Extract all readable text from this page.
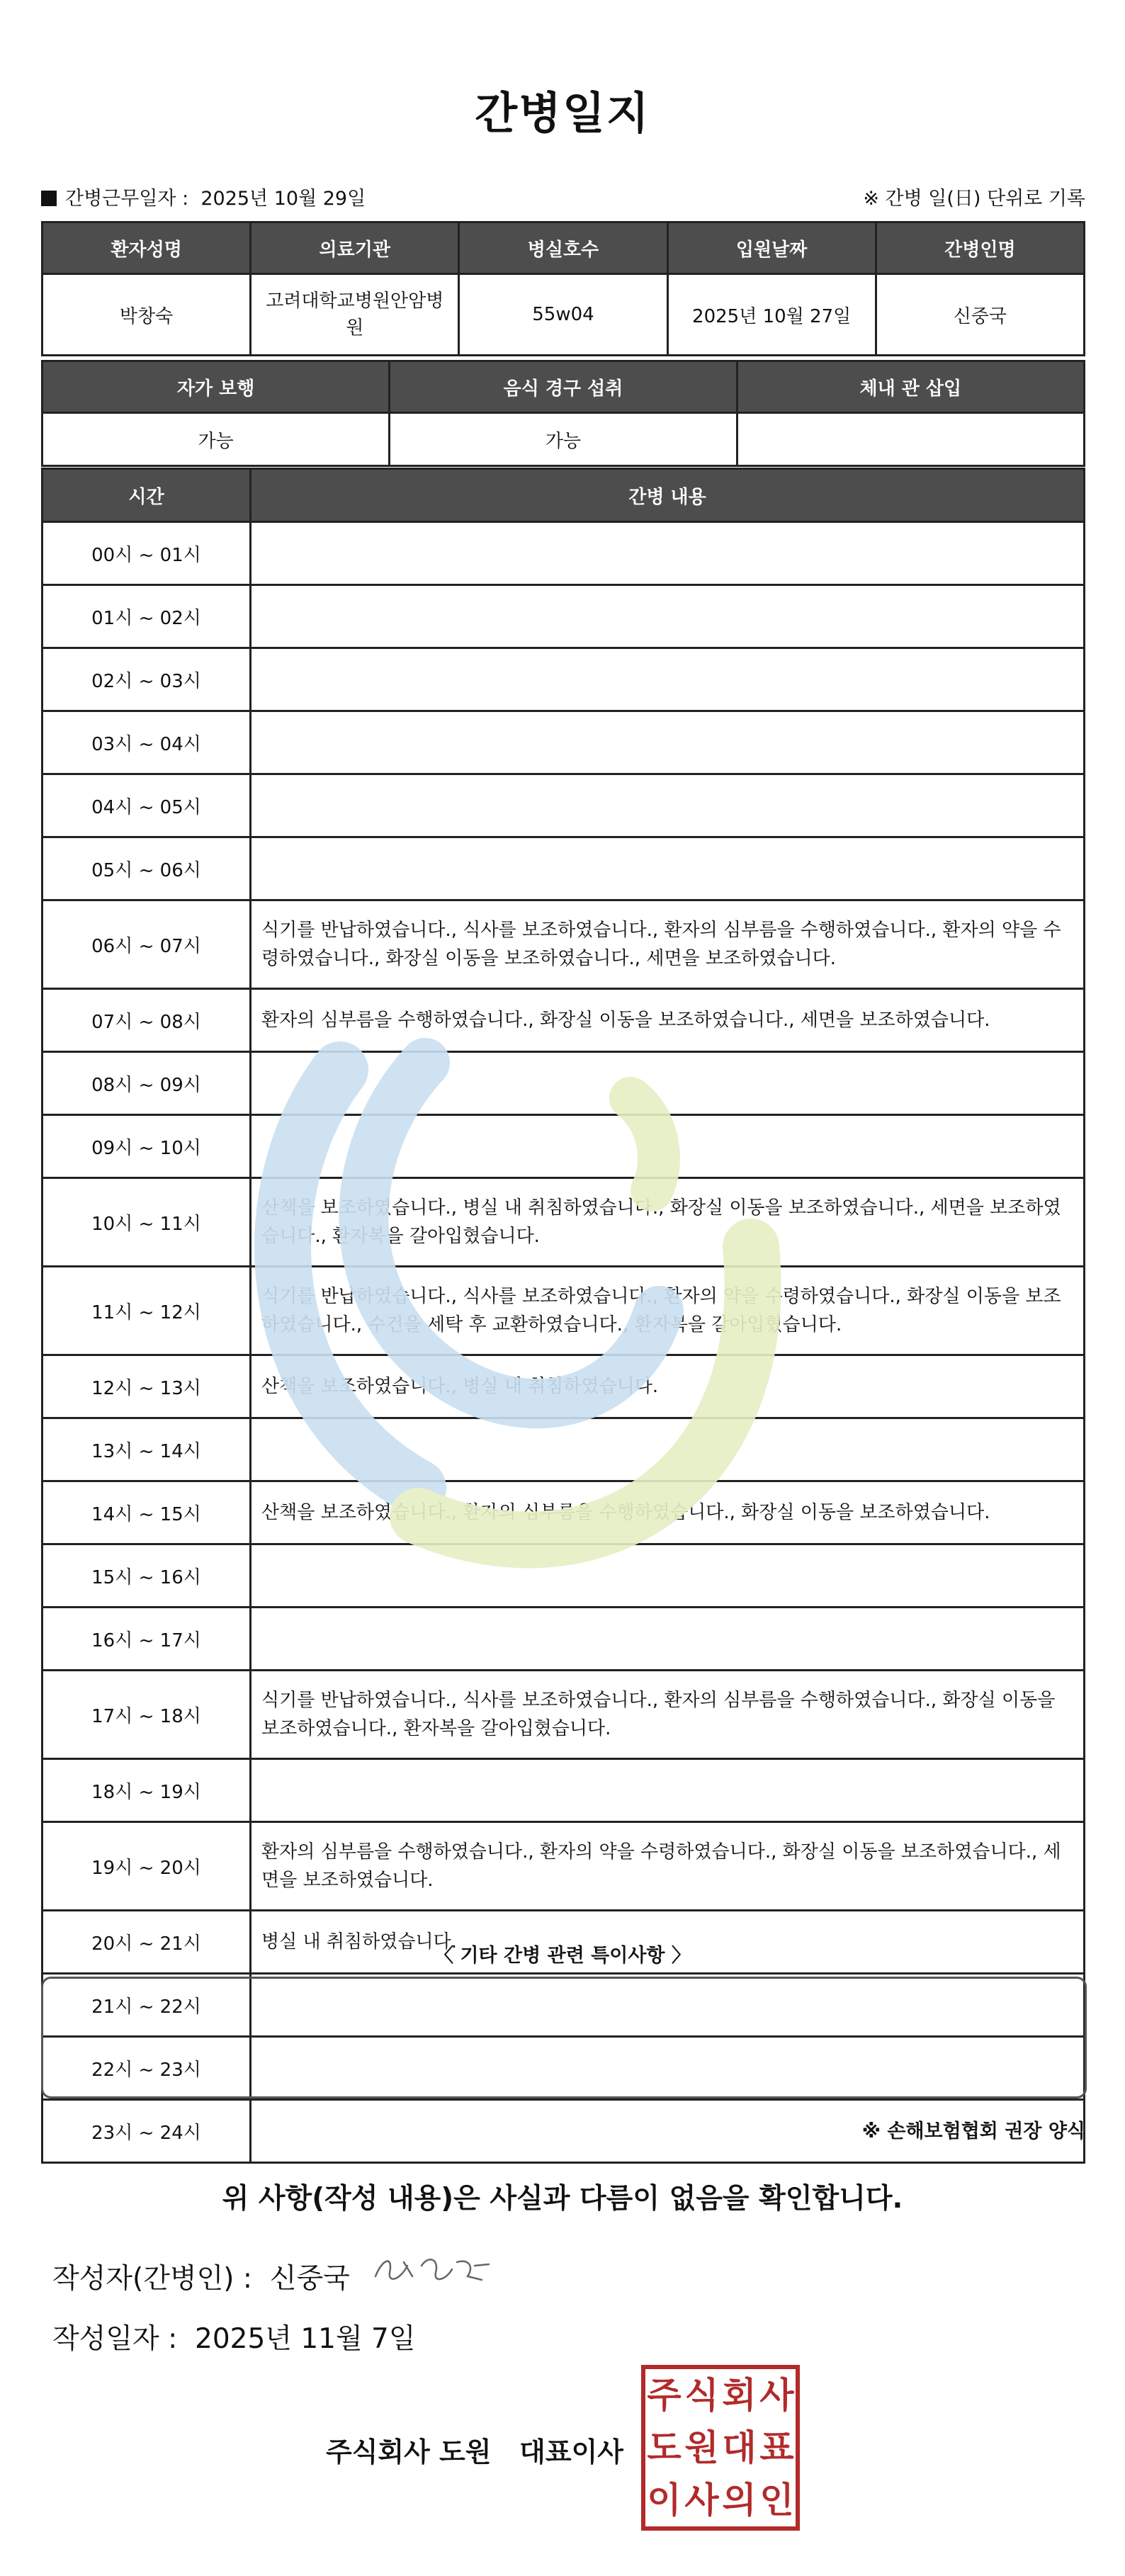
간병일지
간병근무일자 : 2025년 10월 29일	※ 간병 일(日) 단위로 기록
환자성명	의료기관	병실호수	입원날짜	간병인명
박창숙	고려대학교병원안암병원	55w04	2025년 10월 27일	신중국
자가 보행	음식 경구 섭취	체내 관 삽입
가능	가능	
시간	간병 내용
00시 ~ 01시	
01시 ~ 02시	
02시 ~ 03시	
03시 ~ 04시	
04시 ~ 05시	
05시 ~ 06시	
06시 ~ 07시	식기를 반납하였습니다., 식사를 보조하였습니다., 환자의 심부름을 수행하였습니다., 환자의 약을 수령하였습니다., 화장실 이동을 보조하였습니다., 세면을 보조하였습니다.
07시 ~ 08시	환자의 심부름을 수행하였습니다., 화장실 이동을 보조하였습니다., 세면을 보조하였습니다.
08시 ~ 09시	
09시 ~ 10시	
10시 ~ 11시	산책을 보조하였습니다., 병실 내 취침하였습니다., 화장실 이동을 보조하였습니다., 세면을 보조하였습니다., 환자복을 갈아입혔습니다.
11시 ~ 12시	식기를 반납하였습니다., 식사를 보조하였습니다., 환자의 약을 수령하였습니다., 화장실 이동을 보조하였습니다., 수건을 세탁 후 교환하였습니다., 환자복을 갈아입혔습니다.
12시 ~ 13시	산책을 보조하였습니다., 병실 내 취침하였습니다.
13시 ~ 14시	
14시 ~ 15시	산책을 보조하였습니다., 환자의 심부름을 수행하였습니다., 화장실 이동을 보조하였습니다.
15시 ~ 16시	
16시 ~ 17시	
17시 ~ 18시	식기를 반납하였습니다., 식사를 보조하였습니다., 환자의 심부름을 수행하였습니다., 화장실 이동을 보조하였습니다., 환자복을 갈아입혔습니다.
18시 ~ 19시	
19시 ~ 20시	환자의 심부름을 수행하였습니다., 환자의 약을 수령하였습니다., 화장실 이동을 보조하였습니다., 세면을 보조하였습니다.
20시 ~ 21시	병실 내 취침하였습니다.
21시 ~ 22시	
22시 ~ 23시	
23시 ~ 24시	
〈 기타 간병 관련 특이사항 〉
※ 손해보험협회 권장 양식
위 사항(작성 내용)은 사실과 다름이 없음을 확인합니다.
작성자(간병인) : 신중국
작성일자 : 2025년 11월 7일
주식회사 도원   대표이사
주 식 회 사
도 원 대 표
이 사 의 인
